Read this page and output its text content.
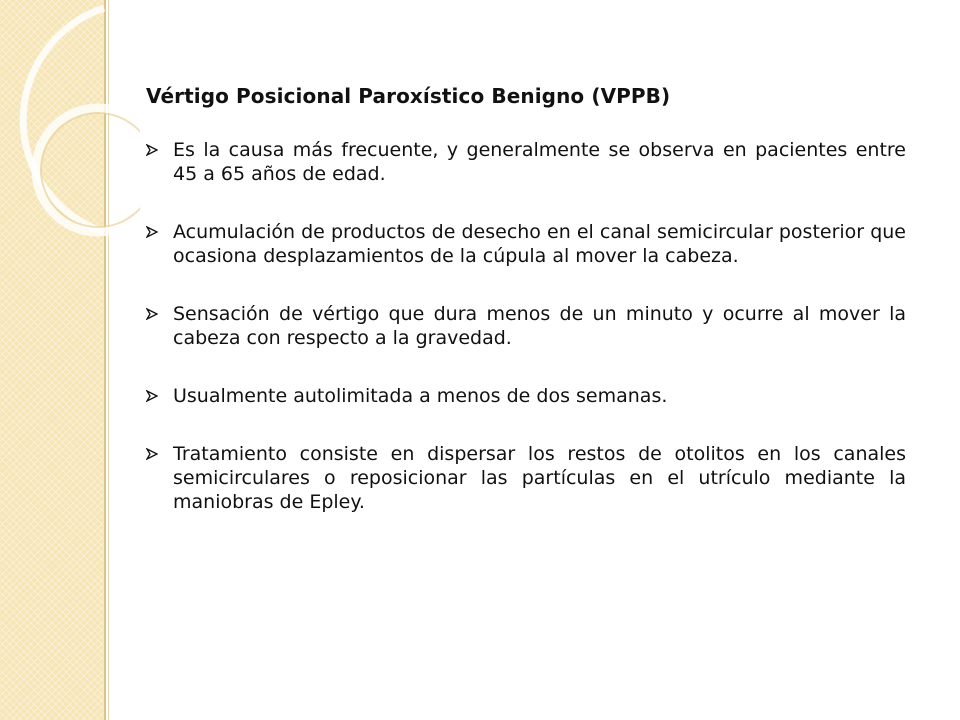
Vértigo Posicional Paroxístico Benigno (VPPB)
Es la causa más frecuente, y generalmente se observa en pacientes entre 45 a 65 años de edad.
Acumulación de productos de desecho en el canal semicircular posterior que ocasiona desplazamientos de la cúpula al mover la cabeza.
Sensación de vértigo que dura menos de un minuto y ocurre al mover la cabeza con respecto a la gravedad.
Usualmente autolimitada a menos de dos semanas.
Tratamiento consiste en dispersar los restos de otolitos en los canales semicirculares o reposicionar las partículas en el utrículo mediante la maniobras de Epley.
